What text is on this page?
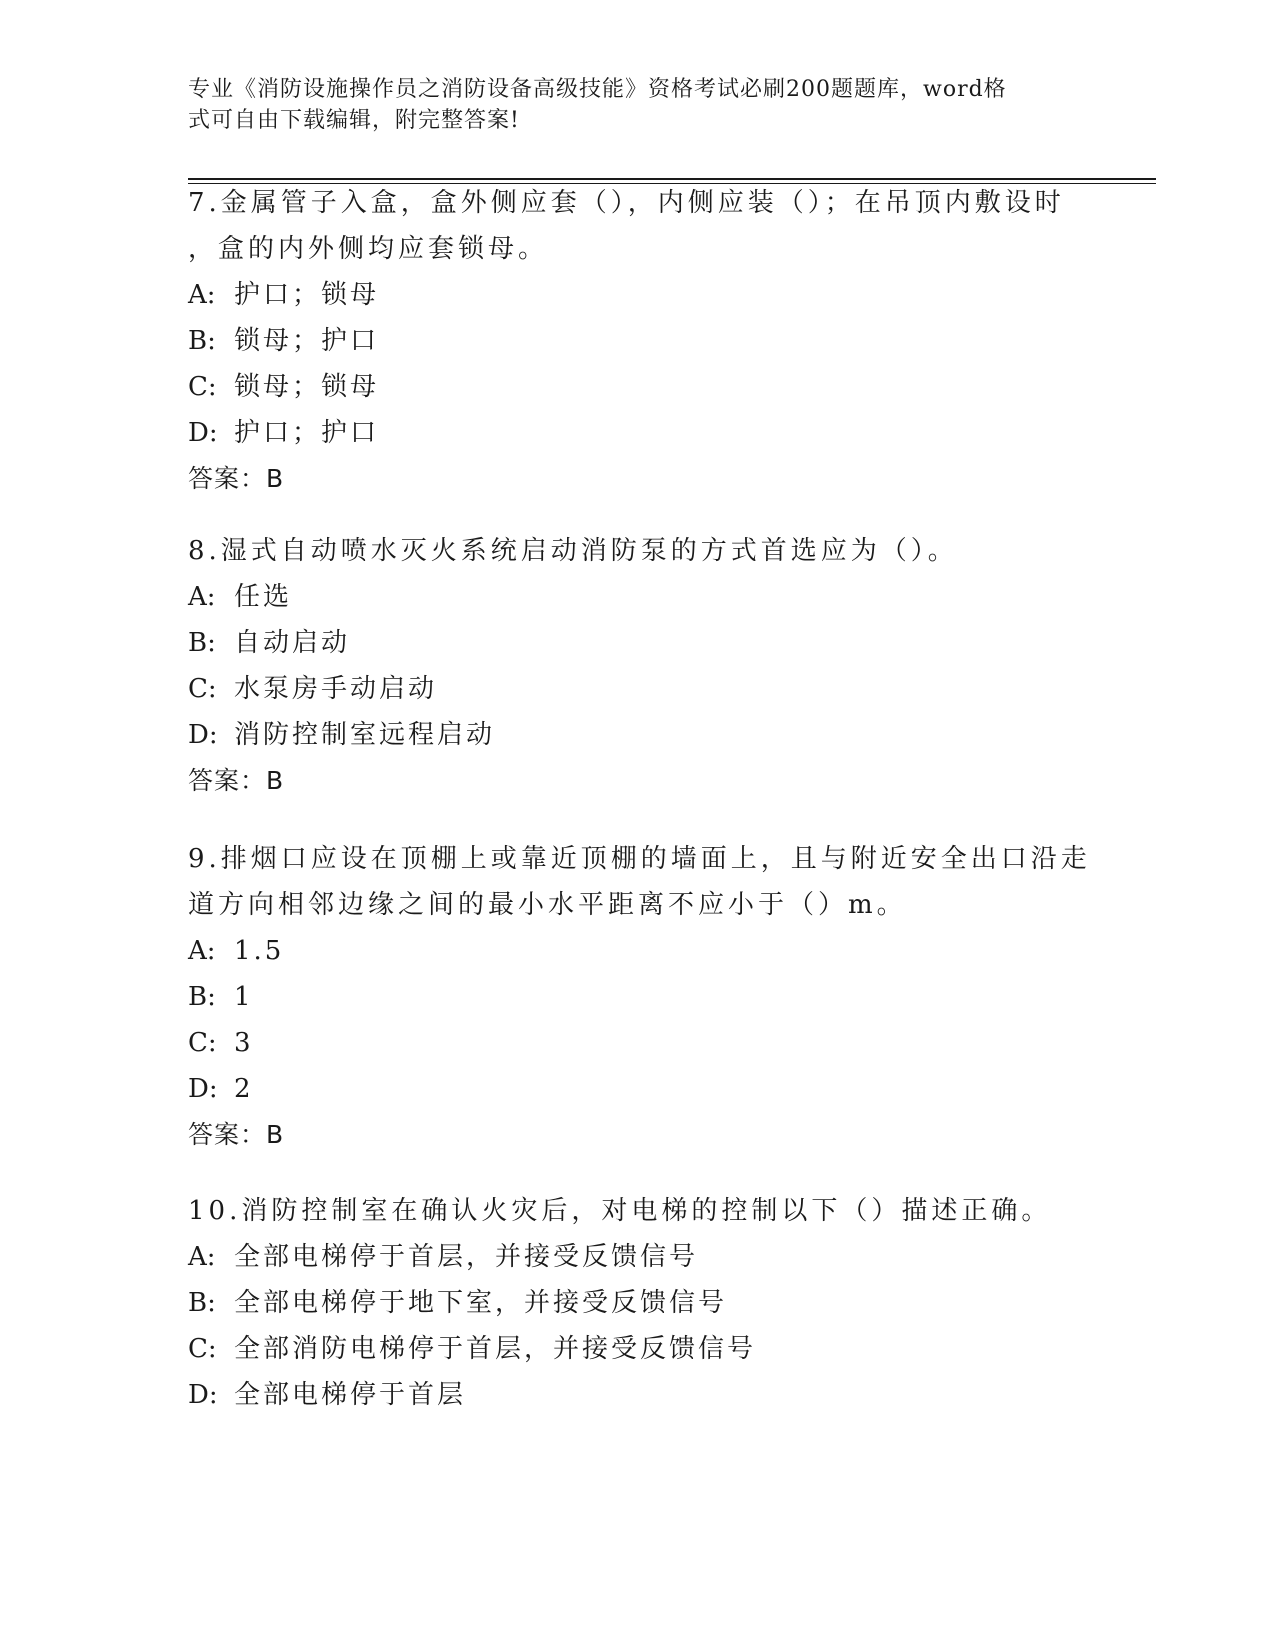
专业《消防设施操作员之消防设备高级技能》资格考试必刷200题题库，word格

式可自由下载编辑，附完整答案!

7.金属管子入盒，盒外侧应套（），内侧应装（）；在吊顶内敷设时
，盒的内外侧均应套锁母。
A: 护口；锁母
B: 锁母；护口
C: 锁母；锁母
D: 护口；护口
答案：B
8.湿式自动喷水灭火系统启动消防泵的方式首选应为（）。
A: 任选
B: 自动启动
C: 水泵房手动启动
D: 消防控制室远程启动
答案：B
9.排烟口应设在顶棚上或靠近顶棚的墙面上，且与附近安全出口沿走
道方向相邻边缘之间的最小水平距离不应小于（）m。
A: 1.5
B: 1
C: 3
D: 2
答案：B
10.消防控制室在确认火灾后，对电梯的控制以下（）描述正确。
A: 全部电梯停于首层，并接受反馈信号
B: 全部电梯停于地下室，并接受反馈信号
C: 全部消防电梯停于首层，并接受反馈信号
D: 全部电梯停于首层
